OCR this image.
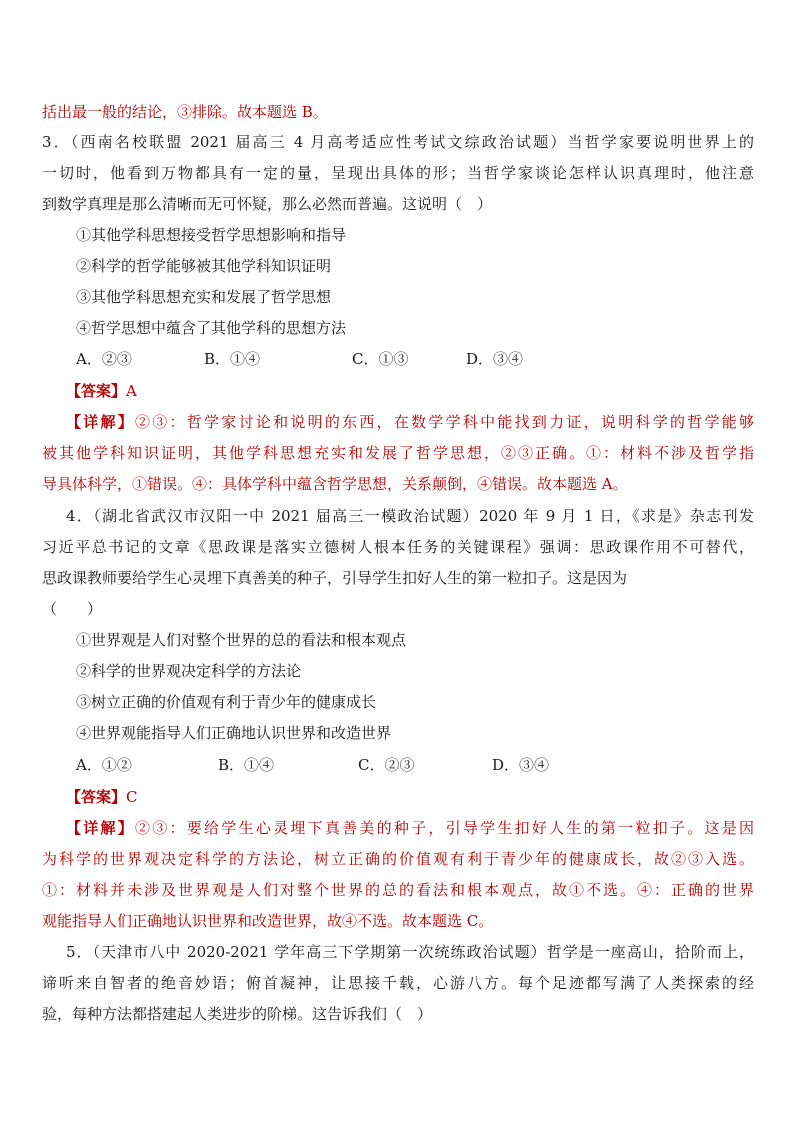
括出最一般的结论，③排除。故本题选 B。
3．（西南名校联盟 2021 届高三 4 月高考适应性考试文综政治试题）当哲学家要说明世界上的
一切时，他看到万物都具有一定的量，呈现出具体的形；当哲学家谈论怎样认识真理时，他注意
到数学真理是那么清晰而无可怀疑，那么必然而普遍。这说明（　）
①其他学科思想接受哲学思想影响和指导
②科学的哲学能够被其他学科知识证明
③其他学科思想充实和发展了哲学思想
④哲学思想中蕴含了其他学科的思想方法
A．②③	B．①④	C．①③	D．③④
【答案】A
【详解】②③：哲学家讨论和说明的东西，在数学学科中能找到力证，说明科学的哲学能够
被其他学科知识证明，其他学科思想充实和发展了哲学思想，②③正确。①：材料不涉及哲学指
导具体科学，①错误。④：具体学科中蕴含哲学思想，关系颠倒，④错误。故本题选 A。
4．（湖北省武汉市汉阳一中 2021 届高三一模政治试题）2020 年 9 月 1 日，《求是》杂志刊发
习近平总书记的文章《思政课是落实立德树人根本任务的关键课程》强调：思政课作用不可替代，
思政课教师要给学生心灵埋下真善美的种子，引导学生扣好人生的第一粒扣子。这是因为
（　　）
①世界观是人们对整个世界的总的看法和根本观点
②科学的世界观决定科学的方法论
③树立正确的价值观有利于青少年的健康成长
④世界观能指导人们正确地认识世界和改造世界
A．①②	B．①④	C．②③	D．③④
【答案】C
【详解】②③：要给学生心灵埋下真善美的种子，引导学生扣好人生的第一粒扣子。这是因
为科学的世界观决定科学的方法论，树立正确的价值观有利于青少年的健康成长，故②③入选。
①：材料并未涉及世界观是人们对整个世界的总的看法和根本观点，故①不选。④：正确的世界
观能指导人们正确地认识世界和改造世界，故④不选。故本题选 C。
5．（天津市八中 2020-2021 学年高三下学期第一次统练政治试题）哲学是一座高山，拾阶而上，
谛听来自智者的绝音妙语；俯首凝神，让思接千载，心游八方。每个足迹都写满了人类探索的经
验，每种方法都搭建起人类进步的阶梯。这告诉我们（　）
